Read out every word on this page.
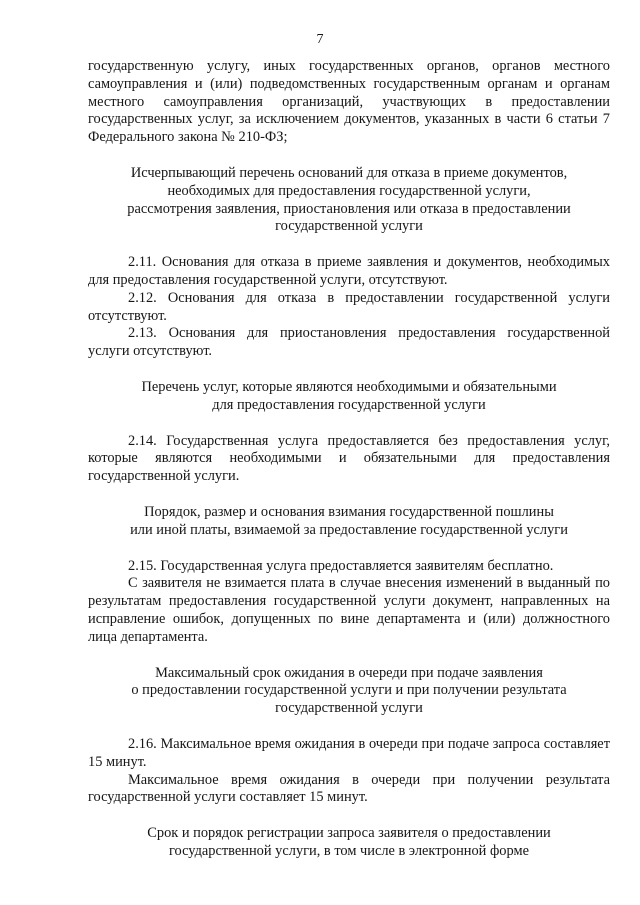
7

государственную услугу, иных государственных органов, органов местного самоуправления и (или) подведомственных государственным органам и органам местного самоуправления организаций, участвующих в предоставлении государственных услуг, за исключением документов, указанных в части 6 статьи 7 Федерального закона № 210-ФЗ;

Исчерпывающий перечень оснований для отказа в приеме документов,
необходимых для предоставления государственной услуги,
рассмотрения заявления, приостановления или отказа в предоставлении
государственной услуги

2.11. Основания для отказа в приеме заявления и документов, необходимых для предоставления государственной услуги, отсутствуют.

2.12. Основания для отказа в предоставлении государственной услуги отсутствуют.

2.13. Основания для приостановления предоставления государственной услуги отсутствуют.

Перечень услуг, которые являются необходимыми и обязательными
для предоставления государственной услуги

2.14. Государственная услуга предоставляется без предоставления услуг, которые являются необходимыми и обязательными для предоставления государственной услуги.

Порядок, размер и основания взимания государственной пошлины
или иной платы, взимаемой за предоставление государственной услуги

2.15. Государственная услуга предоставляется заявителям бесплатно.

С заявителя не взимается плата в случае внесения изменений в выданный по результатам предоставления государственной услуги документ, направленных на исправление ошибок, допущенных по вине департамента и (или) должностного лица департамента.

Максимальный срок ожидания в очереди при подаче заявления
о предоставлении государственной услуги и при получении результата
государственной услуги

2.16. Максимальное время ожидания в очереди при подаче запроса составляет 15 минут.

Максимальное время ожидания в очереди при получении результата государственной услуги составляет 15 минут.

Срок и порядок регистрации запроса заявителя о предоставлении
государственной услуги, в том числе в электронной форме
